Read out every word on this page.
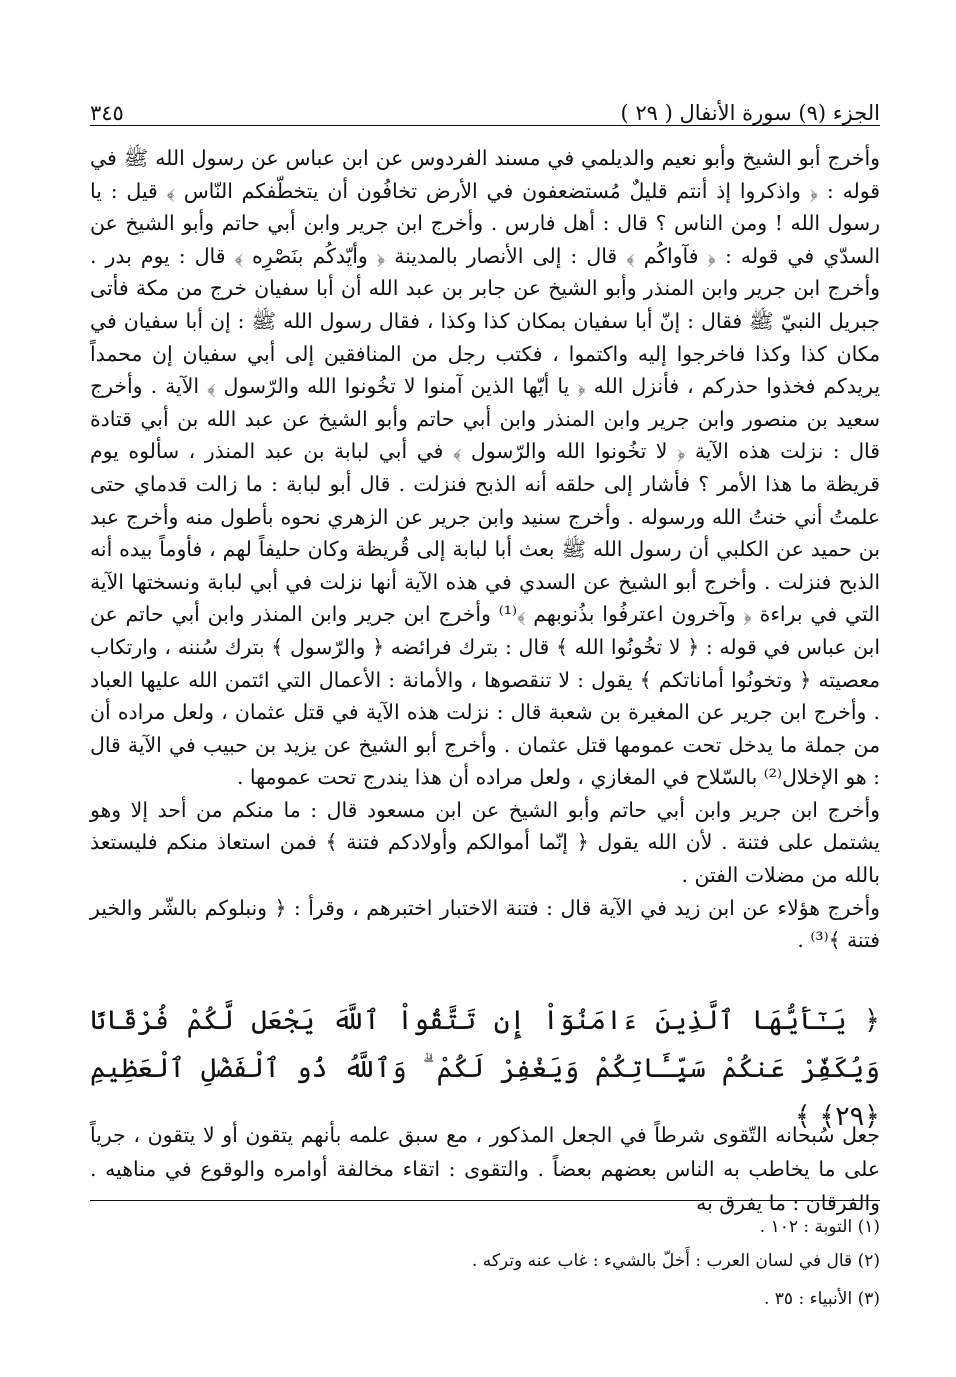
الجزء (٩) سورة الأنفال ( ٢٩ )
٣٤٥

وأخرج أبو الشيخ وأبو نعيم والديلمي في مسند الفردوس عن ابن عباس عن رسول الله ﷺ في قوله : ﴿ واذكروا إذ أنتم قليلٌ مُستضعفون في الأرض تخافُون أن يتخطّفكم النّاس ﴾ قيل : يا رسول الله ! ومن الناس ؟ قال : أهل فارس . وأخرج ابن جرير وابن أبي حاتم وأبو الشيخ عن السدّي في قوله : ﴿ فآواكُم ﴾ قال : إلى الأنصار بالمدينة ﴿ وأيّدكُم بنَصْرِه ﴾ قال : يوم بدر . وأخرج ابن جرير وابن المنذر وأبو الشيخ عن جابر بن عبد الله أن أبا سفيان خرج من مكة فأتى جبريل النبيّ ﷺ فقال : إنّ أبا سفيان بمكان كذا وكذا ، فقال رسول الله ﷺ : إن أبا سفيان في مكان كذا وكذا فاخرجوا إليه واكتموا ، فكتب رجل من المنافقين إلى أبي سفيان إن محمداً يريدكم فخذوا حذركم ، فأنزل الله ﴿ يا أيّها الذين آمنوا لا تخُونوا الله والرّسول ﴾ الآية . وأخرج سعيد بن منصور وابن جرير وابن المنذر وابن أبي حاتم وأبو الشيخ عن عبد الله بن أبي قتادة قال : نزلت هذه الآية ﴿ لا تخُونوا الله والرّسول ﴾ في أبي لبابة بن عبد المنذر ، سألوه يوم قريظة ما هذا الأمر ؟ فأشار إلى حلقه أنه الذبح فنزلت . قال أبو لبابة : ما زالت قدماي حتى علمتُ أني خنتُ الله ورسوله . وأخرج سنيد وابن جرير عن الزهري نحوه بأطول منه وأخرج عبد بن حميد عن الكلبي أن رسول الله ﷺ بعث أبا لبابة إلى قُريظة وكان حليفاً لهم ، فأوماً بيده أنه الذبح فنزلت . وأخرج أبو الشيخ عن السدي في هذه الآية أنها نزلت في أبي لبابة ونسختها الآية التي في براءة ﴿ وآخرون اعترفُوا بذُنوبهم ﴾⁽¹⁾ وأخرج ابن جرير وابن المنذر وابن أبي حاتم عن ابن عباس في قوله : ﴿ لا تخُونُوا الله ﴾ قال : بترك فرائضه ﴿ والرّسول ﴾ بترك سُننه ، وارتكاب معصيته ﴿ وتخونُوا أماناتكم ﴾ يقول : لا تنقصوها ، والأمانة : الأعمال التي ائتمن الله عليها العباد . وأخرج ابن جرير عن المغيرة بن شعبة قال : نزلت هذه الآية في قتل عثمان ، ولعل مراده أن من جملة ما يدخل تحت عمومها قتل عثمان . وأخرج أبو الشيخ عن يزيد بن حبيب في الآية قال : هو الإخلال⁽²⁾ بالسّلاح في المغازي ، ولعل مراده أن هذا يندرج تحت عمومها .

وأخرج ابن جرير وابن أبي حاتم وأبو الشيخ عن ابن مسعود قال : ما منكم من أحد إلا وهو يشتمل على فتنة . لأن الله يقول ﴿ إنّما أموالكم وأولادكم فتنة ﴾ فمن استعاذ منكم فليستعذ بالله من مضلات الفتن .

وأخرج هؤلاء عن ابن زيد في الآية قال : فتنة الاختبار اختبرهم ، وقرأ : ﴿ ونبلوكم بالشّر والخير فتنة ﴾⁽³⁾ .

﴿ يَـٰٓأَيُّهَا ٱلَّذِينَ ءَامَنُوٓاْ إِن تَتَّقُواْ ٱللَّهَ يَجْعَل لَّكُمْ فُرْقَانًا وَيُكَفِّرْ عَنكُمْ سَيِّـَٔاتِكُمْ وَيَغْفِرْ لَكُمْ ۗ وَٱللَّهُ ذُو ٱلْفَضْلِ ٱلْعَظِيمِ ﴿٢٩﴾ ﴾

جعل سُبحانه التّقوى شرطاً في الجعل المذكور ، مع سبق علمه بأنهم يتقون أو لا يتقون ، جرياً على ما يخاطب به الناس بعضهم بعضاً . والتقوى : اتقاء مخالفة أوامره والوقوع في مناهيه . والفرقان : ما يفرق به

(١) التوبة : ١٠٢ .

(٢) قال في لسان العرب : أَخلّ بالشيء : غاب عنه وتركه .

(٣) الأنبياء : ٣٥ .
